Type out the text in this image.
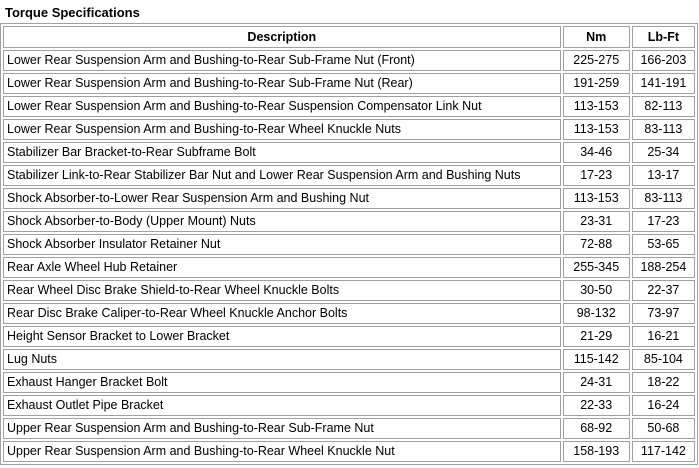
Torque Specifications
Description	Nm	Lb-Ft
Lower Rear Suspension Arm and Bushing-to-Rear Sub-Frame Nut (Front)	225-275	166-203
Lower Rear Suspension Arm and Bushing-to-Rear Sub-Frame Nut (Rear)	191-259	141-191
Lower Rear Suspension Arm and Bushing-to-Rear Suspension Compensator Link Nut	113-153	82-113
Lower Rear Suspension Arm and Bushing-to-Rear Wheel Knuckle Nuts	113-153	83-113
Stabilizer Bar Bracket-to-Rear Subframe Bolt	34-46	25-34
Stabilizer Link-to-Rear Stabilizer Bar Nut and Lower Rear Suspension Arm and Bushing Nuts	17-23	13-17
Shock Absorber-to-Lower Rear Suspension Arm and Bushing Nut	113-153	83-113
Shock Absorber-to-Body (Upper Mount) Nuts	23-31	17-23
Shock Absorber Insulator Retainer Nut	72-88	53-65
Rear Axle Wheel Hub Retainer	255-345	188-254
Rear Wheel Disc Brake Shield-to-Rear Wheel Knuckle Bolts	30-50	22-37
Rear Disc Brake Caliper-to-Rear Wheel Knuckle Anchor Bolts	98-132	73-97
Height Sensor Bracket to Lower Bracket	21-29	16-21
Lug Nuts	115-142	85-104
Exhaust Hanger Bracket Bolt	24-31	18-22
Exhaust Outlet Pipe Bracket	22-33	16-24
Upper Rear Suspension Arm and Bushing-to-Rear Sub-Frame Nut	68-92	50-68
Upper Rear Suspension Arm and Bushing-to-Rear Wheel Knuckle Nut	158-193	117-142
